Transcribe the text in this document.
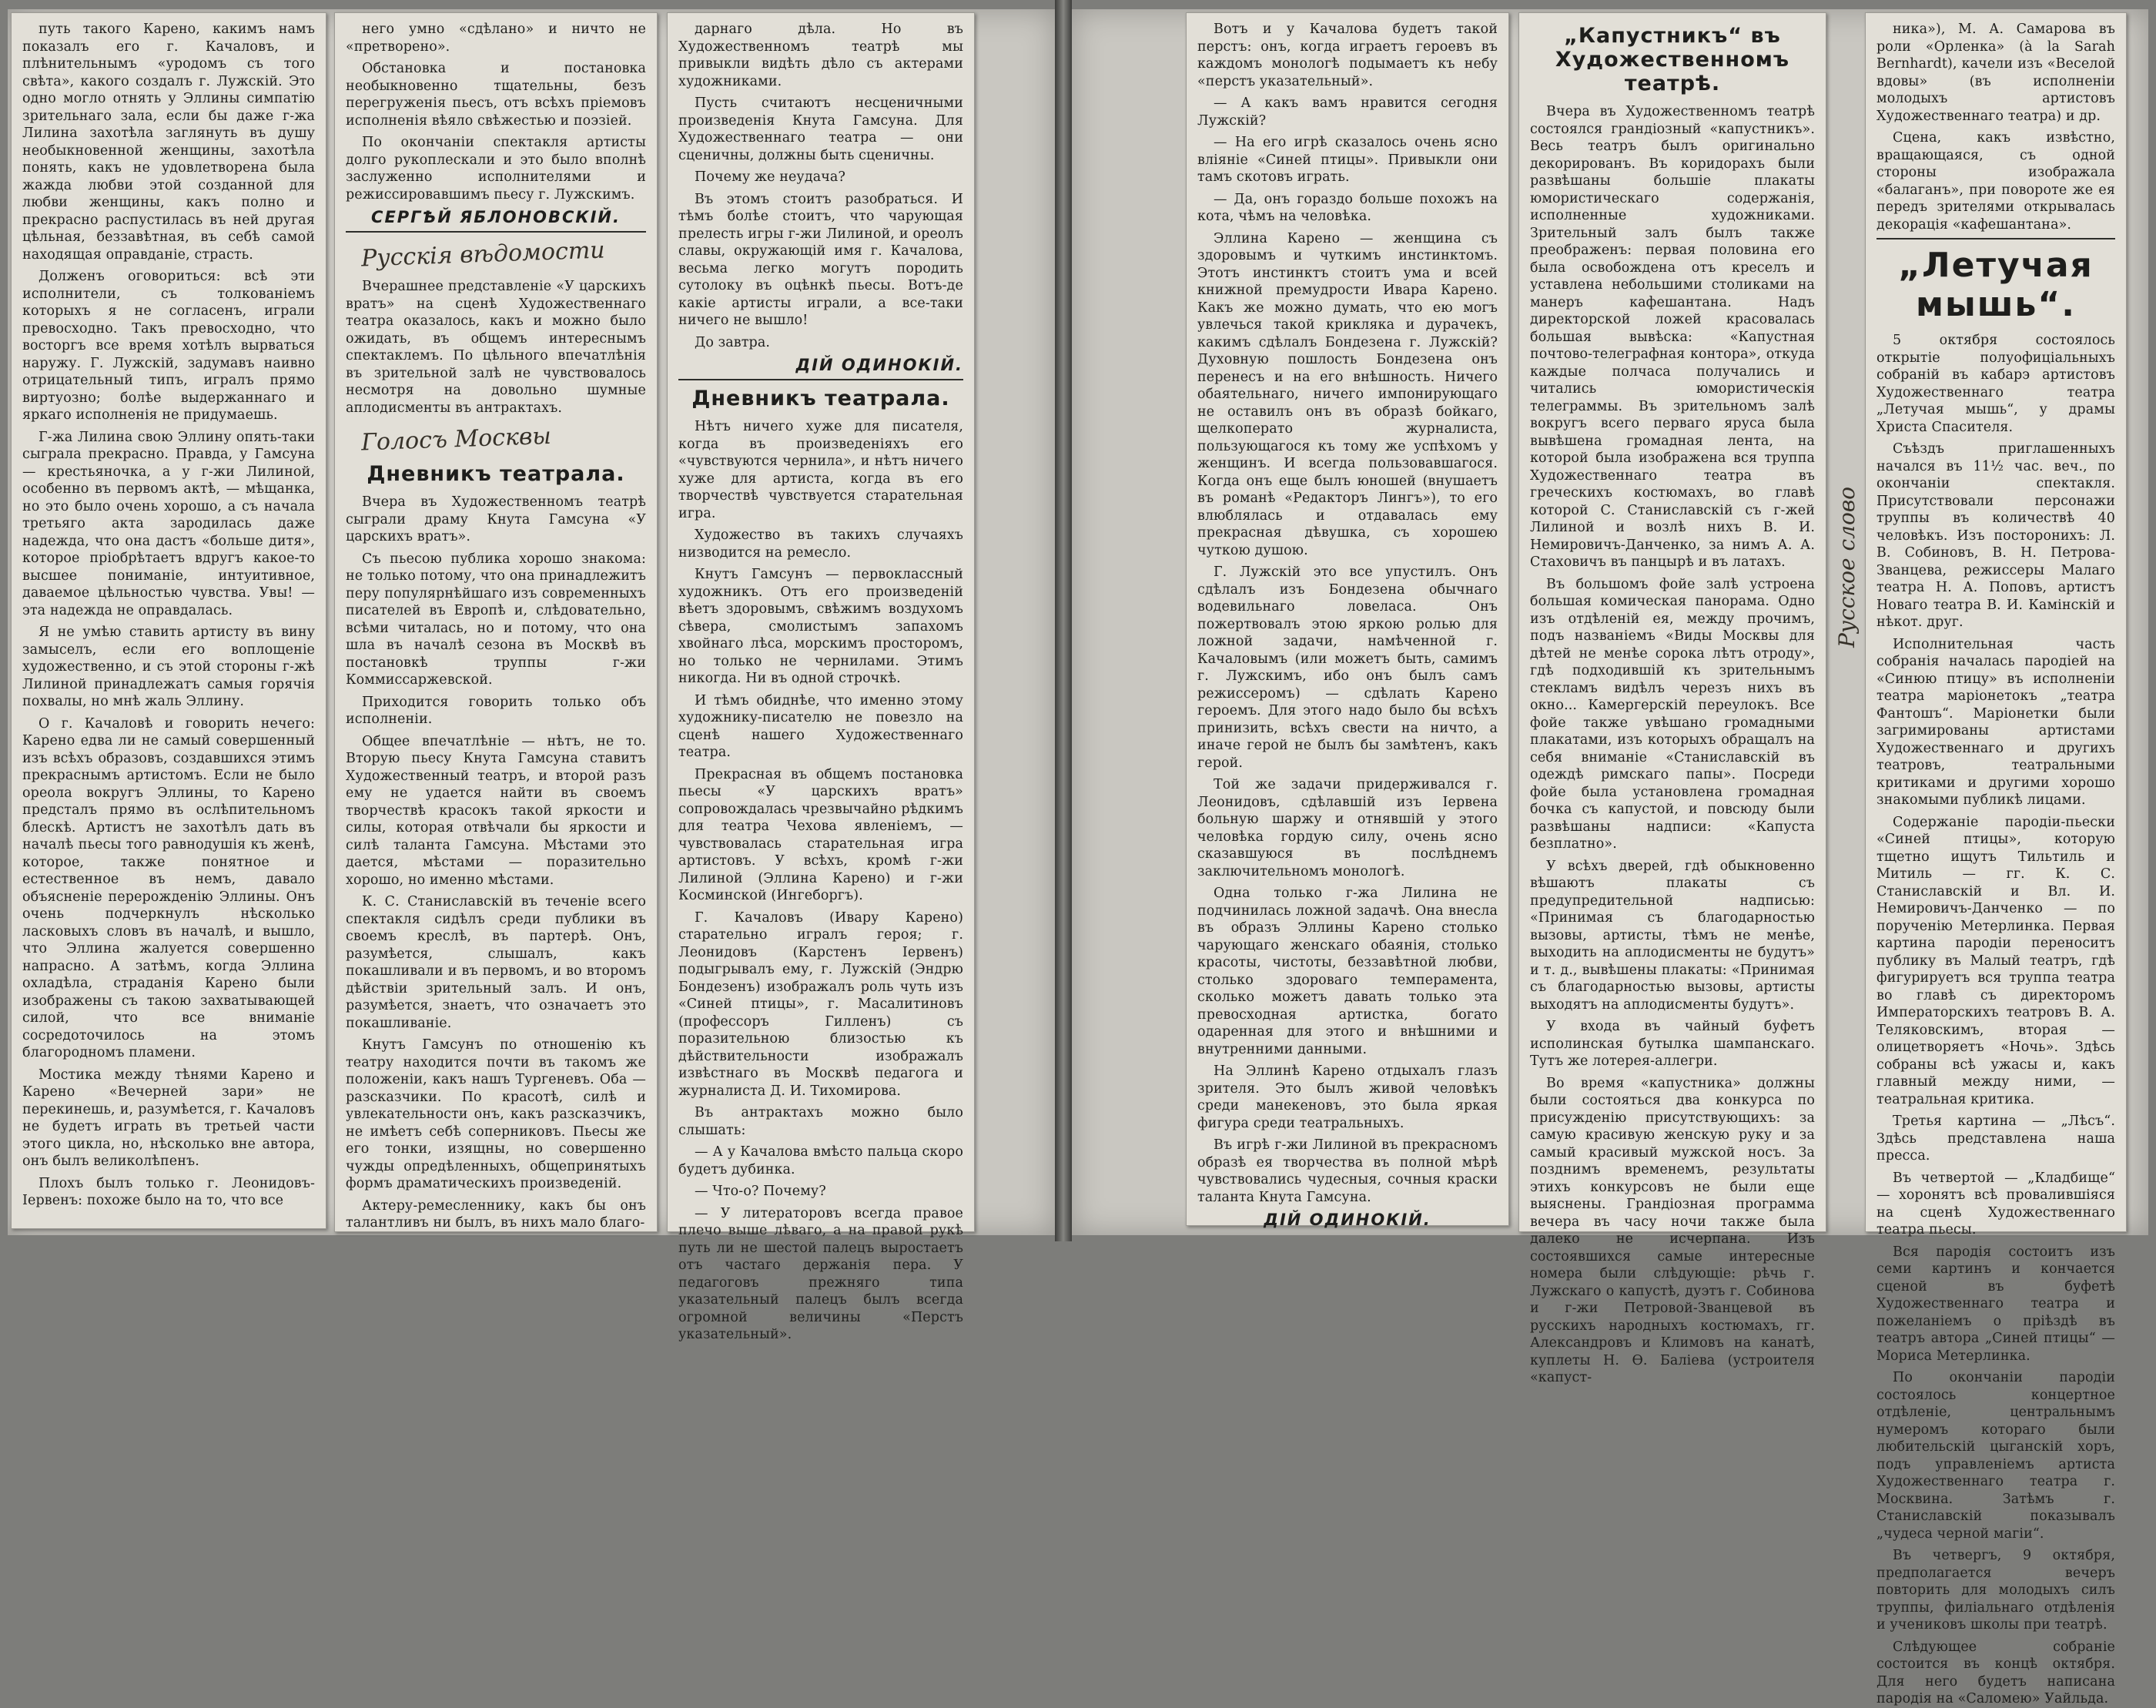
путь такого Карено, какимъ намъ показалъ его г. Качаловъ, и плѣнительнымъ «уродомъ съ того свѣта», какого создалъ г. Лужскій. Это одно могло отнять у Эллины симпатію зрительнаго зала, если бы даже г-жа Лилина захотѣла заглянуть въ душу необыкновенной женщины, захотѣла понять, какъ не удовлетворена была жажда любви этой созданной для любви женщины, какъ полно и прекрасно распустилась въ ней другая цѣльная, беззавѣтная, въ себѣ самой находящая оправданіе, страсть.

Долженъ оговориться: всѣ эти исполнители, съ толкованіемъ которыхъ я не согласенъ, играли превосходно. Такъ превосходно, что восторгъ все время хотѣлъ вырваться наружу. Г. Лужскій, задумавъ наивно отрицательный типъ, игралъ прямо виртуозно; болѣе выдержаннаго и яркаго исполненія не придумаешь.

Г-жа Лилина свою Эллину опять-таки сыграла прекрасно. Правда, у Гамсуна — крестьяночка, а у г-жи Лилиной, особенно въ первомъ актѣ, — мѣщанка, но это было очень хорошо, а съ начала третьяго акта зародилась даже надежда, что она дастъ «больше дитя», которое пріобрѣтаетъ вдругъ какое-то высшее пониманіе, интуитивное, даваемое цѣльностью чувства. Увы! — эта надежда не оправдалась.

Я не умѣю ставить артисту въ вину замыселъ, если его воплощеніе художественно, и съ этой стороны г-жѣ Лилиной принадлежатъ самыя горячія похвалы, но мнѣ жаль Эллину.

О г. Качаловѣ и говорить нечего: Карено едва ли не самый совершенный изъ всѣхъ образовъ, создавшихся этимъ прекраснымъ артистомъ. Если не было ореола вокругъ Эллины, то Карено предсталъ прямо въ ослѣпительномъ блескѣ. Артистъ не захотѣлъ дать въ началѣ пьесы того равнодушія къ женѣ, которое, также понятное и естественное въ немъ, давало объясненіе перерожденію Эллины. Онъ очень подчеркнулъ нѣсколько ласковыхъ словъ въ началѣ, и вышло, что Эллина жалуется совершенно напрасно. А затѣмъ, когда Эллина охладѣла, страданія Карено были изображены съ такою захватывающей силой, что все вниманіе сосредоточилось на этомъ благородномъ пламени.

Мостика между тѣнями Карено и Карено «Вечерней зари» не перекинешь, и, разумѣется, г. Качаловъ не будетъ играть въ третьей части этого цикла, но, нѣсколько вне автора, онъ былъ великолѣпенъ.

Плохъ былъ только г. Леонидовъ-Іервенъ: похоже было на то, что все

него умно «сдѣлано» и ничто не «претворено».

Обстановка и постановка необыкновенно тщательны, безъ перегруженія пьесъ, отъ всѣхъ пріемовъ исполненія вѣяло свѣжестью и поэзіей.

По окончаніи спектакля артисты долго рукоплескали и это было вполнѣ заслуженно исполнителями и режиссировавшимъ пьесу г. Лужскимъ.

СЕРГѢЙ ЯБЛОНОВСКІЙ.
Русскія вѣдомости

Вчерашнее представленіе «У царскихъ вратъ» на сценѣ Художественнаго театра оказалось, какъ и можно было ожидать, въ общемъ интереснымъ спектаклемъ. По цѣльного впечатлѣнія въ зрительной залѣ не чувствовалось несмотря на довольно шумные аплодисменты въ антрактахъ.

Голосъ Москвы
Дневникъ театрала.

Вчера въ Художественномъ театрѣ сыграли драму Кнута Гамсуна «У царскихъ вратъ».

Съ пьесою публика хорошо знакома: не только потому, что она принадлежитъ перу популярнѣйшаго изъ современныхъ писателей въ Европѣ и, слѣдовательно, всѣми читалась, но и потому, что она шла въ началѣ сезона въ Москвѣ въ постановкѣ труппы г-жи Коммиссаржевской.

Приходится говорить только объ исполненіи.

Общее впечатлѣніе — нѣтъ, не то. Вторую пьесу Кнута Гамсуна ставитъ Художественный театръ, и второй разъ ему не удается найти въ своемъ творчествѣ красокъ такой яркости и силы, которая отвѣчали бы яркости и силѣ таланта Гамсуна. Мѣстами это дается, мѣстами — поразительно хорошо, но именно мѣстами.

К. С. Станиславскій въ теченіе всего спектакля сидѣлъ среди публики въ своемъ креслѣ, въ партерѣ. Онъ, разумѣется, слышалъ, какъ покашливали и въ первомъ, и во второмъ дѣйствіи зрительный залъ. И онъ, разумѣется, знаетъ, что означаетъ это покашливаніе.

Кнутъ Гамсунъ по отношенію къ театру находится почти въ такомъ же положеніи, какъ нашъ Тургеневъ. Оба — разсказчики. По красотѣ, силѣ и увлекательности онъ, какъ разсказчикъ, не имѣетъ себѣ соперниковъ. Пьесы же его тонки, изящны, но совершенно чужды опредѣленныхъ, общепринятыхъ формъ драматическихъ произведеній.

Актеру-ремесленнику, какъ бы онъ талантливъ ни былъ, въ нихъ мало благо-

дарнаго дѣла. Но въ Художественномъ театрѣ мы привыкли видѣть дѣло съ актерами художниками.

Пусть считаютъ несценичными произведенія Кнута Гамсуна. Для Художественнаго театра — они сценичны, должны быть сценичны.

Почему же неудача?

Въ этомъ стоитъ разобраться. И тѣмъ болѣе стоитъ, что чарующая прелесть игры г-жи Лилиной, и ореолъ славы, окружающій имя г. Качалова, весьма легко могутъ породить сутолоку въ оцѣнкѣ пьесы. Вотъ-де какіе артисты играли, а все-таки ничего не вышло!

До завтра.

ДІЙ ОДИНОКІЙ.
Дневникъ театрала.

Нѣтъ ничего хуже для писателя, когда въ произведеніяхъ его «чувствуются чернила», и нѣтъ ничего хуже для артиста, когда въ его творчествѣ чувствуется старательная игра.

Художество въ такихъ случаяхъ низводится на ремесло.

Кнутъ Гамсунъ — первоклассный художникъ. Отъ его произведеній вѣетъ здоровымъ, свѣжимъ воздухомъ сѣвера, смолистымъ запахомъ хвойнаго лѣса, морскимъ просторомъ, но только не чернилами. Этимъ никогда. Ни въ одной строчкѣ.

И тѣмъ обиднѣе, что именно этому художнику-писателю не повезло на сценѣ нашего Художественнаго театра.

Прекрасная въ общемъ постановка пьесы «У царскихъ вратъ» сопровождалась чрезвычайно рѣдкимъ для театра Чехова явленіемъ, — чувствовалась старательная игра артистовъ. У всѣхъ, кромѣ г-жи Лилиной (Эллина Карено) и г-жи Косминской (Ингеборгъ).

Г. Качаловъ (Ивару Карено) старательно игралъ героя; г. Леонидовъ (Карстенъ Іервенъ) подыгрывалъ ему, г. Лужскій (Эндрю Бондезенъ) изображалъ роль чуть изъ «Синей птицы», г. Масалитиновъ (профессоръ Гилленъ) съ поразительною близостью къ дѣйствительности изображалъ извѣстнаго въ Москвѣ педагога и журналиста Д. И. Тихомирова.

Въ антрактахъ можно было слышать:

— А у Качалова вмѣсто пальца скоро будетъ дубинка.

— Что-о? Почему?

— У литераторовъ всегда правое плечо выше лѣваго, а на правой рукѣ путь ли не шестой палецъ выростаетъ отъ частаго держанія пера. У педагоговъ прежняго типа указательный палецъ былъ всегда огромной величины «Перстъ указательный».

Вотъ и у Качалова будетъ такой перстъ: онъ, когда играетъ героевъ въ каждомъ монологѣ подымаетъ къ небу «перстъ указательный».

— А какъ вамъ нравится сегодня Лужскій?

— На его игрѣ сказалось очень ясно вліяніе «Синей птицы». Привыкли они тамъ скотовъ играть.

— Да, онъ гораздо больше похожъ на кота, чѣмъ на человѣка.

Эллина Карено — женщина съ здоровымъ и чуткимъ инстинктомъ. Этотъ инстинктъ стоитъ ума и всей книжной премудрости Ивара Карено. Какъ же можно думать, что ею могъ увлечься такой крикляка и дурачекъ, какимъ сдѣлалъ Бондезена г. Лужскій? Духовную пошлость Бондезена онъ перенесъ и на его внѣшность. Ничего обаятельнаго, ничего импонирующаго не оставилъ онъ въ образѣ бойкаго, щелкоперато журналиста, пользующагося къ тому же успѣхомъ у женщинъ. И всегда пользовавшагося. Когда онъ еще былъ юношей (внушаетъ въ романѣ «Редакторъ Лингъ»), то его влюблялась и отдавалась ему прекрасная дѣвушка, съ хорошею чуткою душою.

Г. Лужскій это все упустилъ. Онъ сдѣлалъ изъ Бондезена обычнаго водевильнаго ловеласа. Онъ пожертвовалъ этою яркою ролью для ложной задачи, намѣченной г. Качаловымъ (или можетъ быть, самимъ г. Лужскимъ, ибо онъ былъ самъ режиссеромъ) — сдѣлать Карено героемъ. Для этого надо было бы всѣхъ принизить, всѣхъ свести на ничто, а иначе герой не былъ бы замѣтенъ, какъ герой.

Той же задачи придерживался г. Леонидовъ, сдѣлавшій изъ Іервена больную шаржу и отнявшій у этого человѣка гордую силу, очень ясно сказавшуюся въ послѣднемъ заключительномъ монологѣ.

Одна только г-жа Лилина не подчинилась ложной задачѣ. Она внесла въ образъ Эллины Карено столько чарующаго женскаго обаянія, столько красоты, чистоты, беззавѣтной любви, столько здороваго темперамента, сколько можетъ давать только эта превосходная артистка, богато одаренная для этого и внѣшними и внутренними данными.

На Эллинѣ Карено отдыхалъ глазъ зрителя. Это былъ живой человѣкъ среди манекеновъ, это была яркая фигура среди театральныхъ.

Въ игрѣ г-жи Лилиной въ прекрасномъ образѣ ея творчества въ полной мѣрѣ чувствовались чудесныя, сочныя краски таланта Кнута Гамсуна.

ДІЙ ОДИНОКІЙ.
„Капустникъ“ въ Художественномъ театрѣ.

Вчера въ Художественномъ театрѣ состоялся грандіозный «капустникъ». Весь театръ былъ оригинально декорированъ. Въ коридорахъ были развѣшаны большіе плакаты юмористическаго содержанія, исполненные художниками. Зрительный залъ былъ также преображенъ: первая половина его была освобождена отъ креселъ и уставлена небольшими столиками на манеръ кафешантана. Надъ директорской ложей красовалась большая вывѣска: «Капустная почтово-телеграфная контора», откуда каждые полчаса получались и читались юмористическія телеграммы. Въ зрительномъ залѣ вокругъ всего перваго яруса была вывѣшена громадная лента, на которой была изображена вся труппа Художественнаго театра въ греческихъ костюмахъ, во главѣ которой С. Станиславскій съ г-жей Лилиной и возлѣ нихъ В. И. Немировичъ-Данченко, за нимъ А. А. Стаховичъ въ панцырѣ и въ латахъ.

Въ большомъ фойе залѣ устроена большая комическая панорама. Одно изъ отдѣленій ея, между прочимъ, подъ названіемъ «Виды Москвы для дѣтей не менѣе сорока лѣтъ отроду», гдѣ подходившій къ зрительнымъ стекламъ видѣлъ черезъ нихъ въ окно... Камергерскій переулокъ. Все фойе также увѣшано громадными плакатами, изъ которыхъ обращалъ на себя вниманіе «Станиславскій въ одеждѣ римскаго папы». Посреди фойе была установлена громадная бочка съ капустой, и повсюду были развѣшаны надписи: «Капуста безплатно».

У всѣхъ дверей, гдѣ обыкновенно вѣшаютъ плакаты съ предупредительной надписью: «Принимая съ благодарностью вызовы, артисты, тѣмъ не менѣе, выходить на аплодисменты не будутъ» и т. д., вывѣшены плакаты: «Принимая съ благодарностью вызовы, артисты выходятъ на аплодисменты будутъ».

У входа въ чайный буфетъ исполинская бутылка шампанскаго. Тутъ же лотерея-аллегри.

Во время «капустника» должны были состояться два конкурса по присужденію присутствующихъ: за самую красивую женскую руку и за самый красивый мужской носъ. За позднимъ временемъ, результаты этихъ конкурсовъ не были еще выяснены. Грандіозная программа вечера въ часу ночи также была далеко не исчерпана. Изъ состоявшихся самые интересные номера были слѣдующіе: рѣчь г. Лужскаго о капустѣ, дуэтъ г. Собинова и г-жи Петровой-Званцевой въ русскихъ народныхъ костюмахъ, гг. Александровъ и Климовъ на канатѣ, куплеты Н. Ѳ. Баліева (устроителя «капуст-

Русское слово

ника»), М. А. Самарова въ роли «Орленка» (à la Sarah Bernhardt), качели изъ «Веселой вдовы» (въ исполненіи молодыхъ артистовъ Художественнаго театра) и др.

Сцена, какъ извѣстно, вращающаяся, съ одной стороны изображала «балаганъ», при повороте же ея передъ зрителями открывалась декорація «кафешантана».

„Летучая мышь“.

5 октября состоялось открытіе полуофиціальныхъ собраній въ кабарэ артистовъ Художественнаго театра „Летучая мышь“, у драмы Христа Спасителя.

Съѣздъ приглашенныхъ начался въ 11½ час. веч., по окончаніи спектакля. Присутствовали персонажи труппы въ количествѣ 40 человѣкъ. Изъ посторонихъ: Л. В. Собиновъ, В. Н. Петрова-Званцева, режиссеры Малаго театра Н. А. Поповъ, артистъ Новаго театра В. И. Камінскій и нѣкот. друг.

Исполнительная часть собранія началась пародіей на «Синюю птицу» въ исполненіи театра маріонетокъ „театра Фантошъ“. Маріонетки были загримированы артистами Художественнаго и другихъ театровъ, театральными критиками и другими хорошо знакомыми публикѣ лицами.

Содержаніе пародіи-пьески «Синей птицы», которую тщетно ищутъ Тильтиль и Митиль — гг. К. С. Станиславскій и Вл. И. Немировичъ-Данченко — по порученію Метерлинка. Первая картина пародіи переноситъ публику въ Малый театръ, гдѣ фигурируетъ вся труппа театра во главѣ съ директоромъ Императорскихъ театровъ В. А. Теляковскимъ, вторая — олицетворяетъ «Ночь». Здѣсь собраны всѣ ужасы и, какъ главный между ними, — театральная критика.

Третья картина — „Лѣсъ“. Здѣсь представлена наша пресса.

Въ четвертой — „Кладбище“ — хоронятъ всѣ провалившіяся на сценѣ Художественнаго театра пьесы.

Вся пародія состоитъ изъ семи картинъ и кончается сценой въ буфетѣ Художественнаго театра и пожеланіемъ о пріѣздѣ въ театръ автора „Синей птицы“ — Мориса Метерлинка.

По окончаніи пародіи состоялось концертное отдѣленіе, центральнымъ нумеромъ котораго были любительскій цыганскій хоръ, подъ управленіемъ артиста Художественнаго театра г. Москвина. Затѣмъ г. Станиславскій показывалъ „чудеса черной магіи“.

Въ четвергъ, 9 октября, предполагается вечеръ повторить для молодыхъ силъ труппы, филіальнаго отдѣленія и учениковъ школы при театрѣ.

Слѣдующее собраніе состоится въ концѣ октября. Для него будетъ написана пародія на «Саломею» Уайльда.
